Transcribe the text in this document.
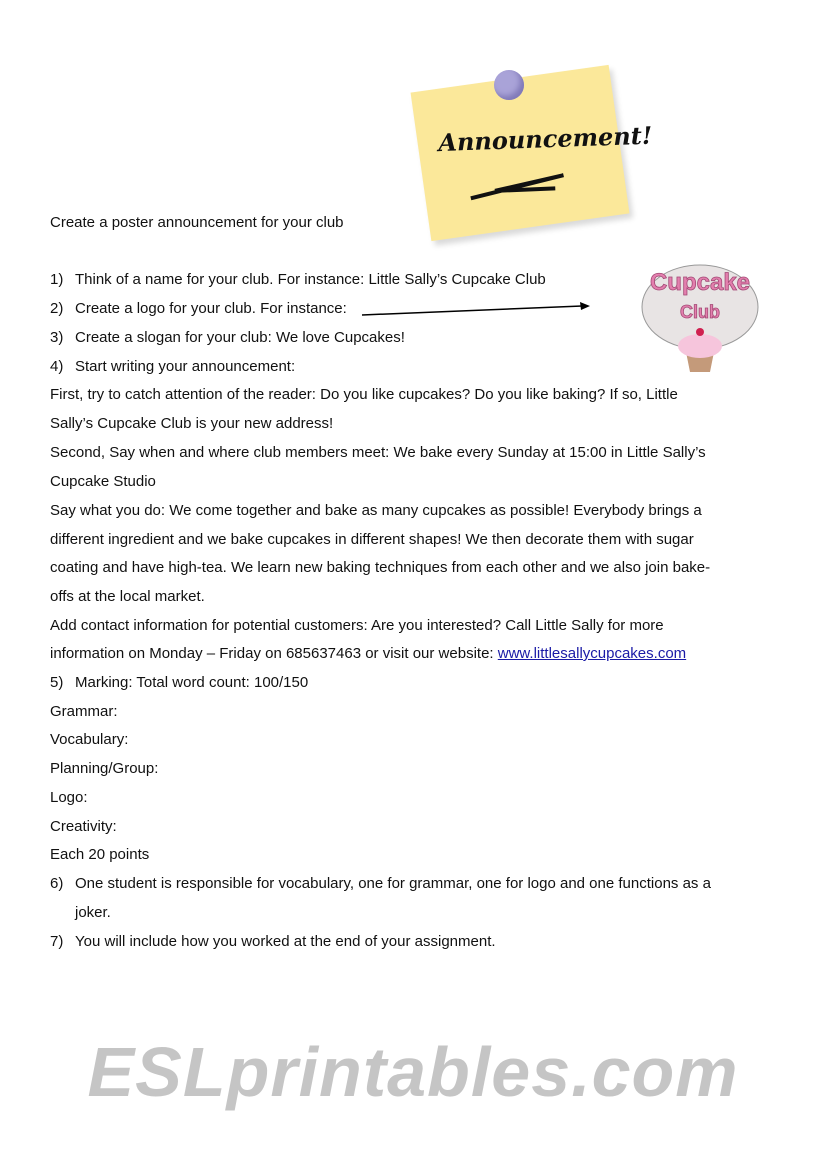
Announcement!
Cupcake
Club
Create a poster announcement for your club
1) Think of a name for your club. For instance: Little Sally’s Cupcake Club
2) Create a logo for your club. For instance:
3) Create a slogan for your club: We love Cupcakes!
4) Start writing your announcement:
First, try to catch attention of the reader: Do you like cupcakes? Do you like baking? If so, Little
Sally’s Cupcake Club is your new address!
Second, Say when and where club members meet: We bake every Sunday at 15:00 in Little Sally’s
Cupcake Studio
Say what you do: We come together and bake as many cupcakes as possible! Everybody brings a
different ingredient and we bake cupcakes in different shapes! We then decorate them with sugar
coating and have high-tea. We learn new baking techniques from each other and we also join bake-
offs at the local market.
Add contact information for potential customers: Are you interested? Call Little Sally for more
information on Monday – Friday on 685637463 or visit our website: www.littlesallycupcakes.com
5) Marking: Total word count: 100/150
Grammar:
Vocabulary:
Planning/Group:
Logo:
Creativity:
Each 20 points
6) One student is responsible for vocabulary, one for grammar, one for logo and one functions as a
joker.
7) You will include how you worked at the end of your assignment.
ESLprintables.com
